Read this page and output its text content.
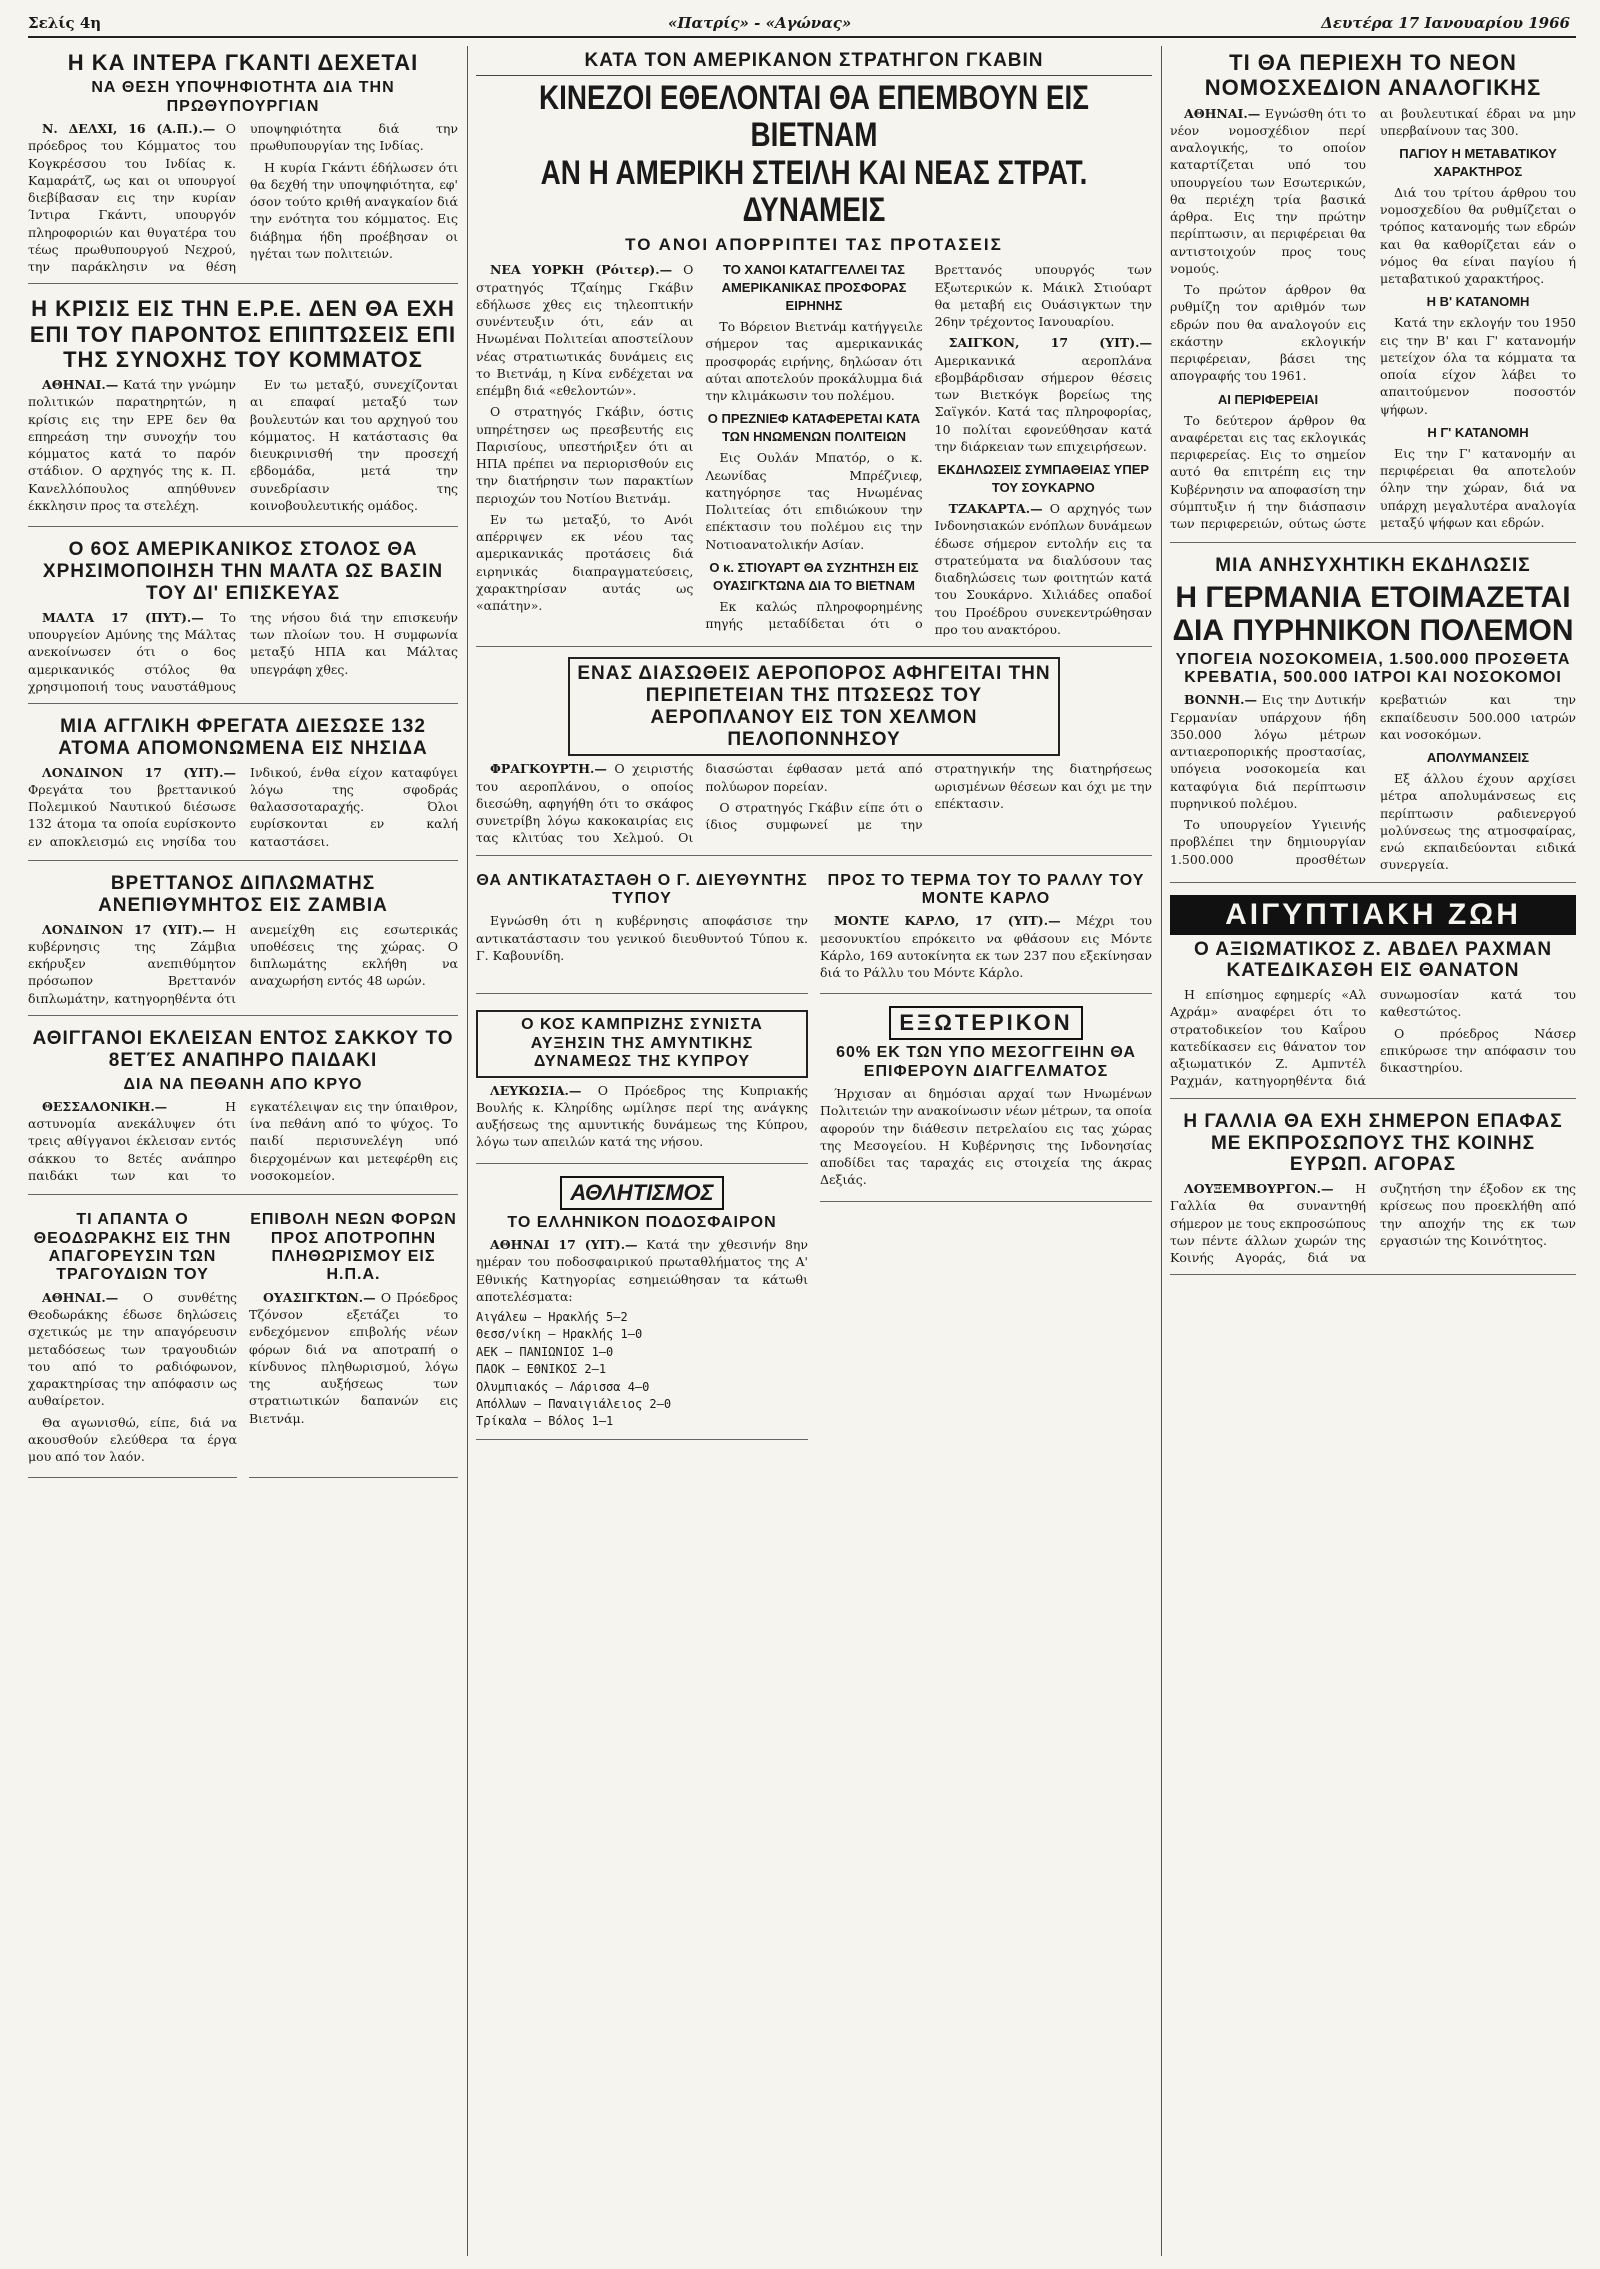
Σελίς 4η	«Πατρίς» - «Αγώνας»	Δευτέρα 17 Ιανουαρίου 1966
Η ΚΑ ΙΝΤΕΡΑ ΓΚΑΝΤΙ ΔΕΧΕΤΑΙ
ΝΑ ΘΕΣΗ ΥΠΟΨΗΦΙΟΤΗΤΑ ΔΙΑ ΤΗΝ ΠΡΩΘΥΠΟΥΡΓΙΑΝ

Ν. ΔΕΛΧΙ, 16 (Α.Π.).— Ο πρόεδρος του Κόμματος του Κογκρέσσου του Ινδίας κ. Καμαράτζ, ως και οι υπουργοί διεβίβασαν εις την κυρίαν Ίντιρα Γκάντι, υπουργόν πληροφοριών και θυγατέρα του τέως πρωθυπουργού Νεχρού, την παράκλησιν να θέση υποψηφιότητα διά την πρωθυπουργίαν της Ινδίας.

Η κυρία Γκάντι έδήλωσεν ότι θα δεχθή την υποψηφιότητα, εφ' όσον τούτο κριθή αναγκαίον διά την ενότητα του κόμματος. Εις διάβημα ήδη προέβησαν οι ηγέται των πολιτειών.

Η ΚΡΙΣΙΣ ΕΙΣ ΤΗΝ Ε.Ρ.Ε. ΔΕΝ ΘΑ ΕΧΗ ΕΠΙ ΤΟΥ ΠΑΡΟΝΤΟΣ ΕΠΙΠΤΩΣΕΙΣ ΕΠΙ ΤΗΣ ΣΥΝΟΧΗΣ ΤΟΥ ΚΟΜΜΑΤΟΣ

ΑΘΗΝΑΙ.— Κατά την γνώμην πολιτικών παρατηρητών, η κρίσις εις την ΕΡΕ δεν θα επηρεάση την συνοχήν του κόμματος κατά το παρόν στάδιον. Ο αρχηγός της κ. Π. Κανελλόπουλος απηύθυνεν έκκλησιν προς τα στελέχη.

Εν τω μεταξύ, συνεχίζονται αι επαφαί μεταξύ των βουλευτών και του αρχηγού του κόμματος. Η κατάστασις θα διευκρινισθή την προσεχή εβδομάδα, μετά την συνεδρίασιν της κοινοβουλευτικής ομάδος.

Ο 6ΟΣ ΑΜΕΡΙΚΑΝΙΚΟΣ ΣΤΟΛΟΣ ΘΑ ΧΡΗΣΙΜΟΠΟΙΗΣΗ ΤΗΝ ΜΑΛΤΑ ΩΣ ΒΑΣΙΝ ΤΟΥ ΔΙ' ΕΠΙΣΚΕΥΑΣ

ΜΑΛΤΑ 17 (ΠΥΤ).— Το υπουργείον Αμύνης της Μάλτας ανεκοίνωσεν ότι ο 6ος αμερικανικός στόλος θα χρησιμοποιή τους ναυστάθμους της νήσου διά την επισκευήν των πλοίων του. Η συμφωνία μεταξύ ΗΠΑ και Μάλτας υπεγράφη χθες.

ΜΙΑ ΑΓΓΛΙΚΗ ΦΡΕΓΑΤΑ ΔΙΕΣΩΣΕ 132 ΑΤΟΜΑ ΑΠΟΜΟΝΩΜΕΝΑ ΕΙΣ ΝΗΣΙΔΑ

ΛΟΝΔΙΝΟΝ 17 (ΥΙΤ).— Φρεγάτα του βρεττανικού Πολεμικού Ναυτικού διέσωσε 132 άτομα τα οποία ευρίσκοντο εν αποκλεισμώ εις νησίδα του Ινδικού, ένθα είχον καταφύγει λόγω της σφοδράς θαλασσοταραχής. Όλοι ευρίσκονται εν καλή καταστάσει.

ΒΡΕΤΤΑΝΟΣ ΔΙΠΛΩΜΑΤΗΣ ΑΝΕΠΙΘΥΜΗΤΟΣ ΕΙΣ ΖΑΜΒΙΑ

ΛΟΝΔΙΝΟΝ 17 (ΥΙΤ).— Η κυβέρνησις της Ζάμβια εκήρυξεν ανεπιθύμητον πρόσωπον Βρεττανόν διπλωμάτην, κατηγορηθέντα ότι ανεμείχθη εις εσωτερικάς υποθέσεις της χώρας. Ο διπλωμάτης εκλήθη να αναχωρήση εντός 48 ωρών.

ΑΘΙΓΓΑΝΟΙ ΕΚΛΕΙΣΑΝ ΕΝΤΟΣ ΣΑΚΚΟΥ ΤΟ 8ΕΤΈΣ ΑΝΑΠΗΡΟ ΠΑΙΔΑΚΙ
ΔΙΑ ΝΑ ΠΕΘΑΝΗ ΑΠΟ ΚΡΥΟ

ΘΕΣΣΑΛΟΝΙΚΗ.—	Η αστυνομία ανεκάλυψεν ότι τρεις αθίγγανοι έκλεισαν εντός σάκκου το 8ετές ανάπηρο παιδάκι των και το εγκατέλειψαν εις την ύπαιθρον, ίνα πεθάνη από το ψύχος. Το παιδί περισυνελέγη υπό διερχομένων και μετεφέρθη εις νοσοκομείον.

ΤΙ ΑΠΑΝΤΑ Ο ΘΕΟΔΩΡΑΚΗΣ ΕΙΣ ΤΗΝ ΑΠΑΓΟΡΕΥΣΙΝ ΤΩΝ ΤΡΑΓΟΥΔΙΩΝ ΤΟΥ

ΑΘΗΝΑΙ.— Ο συνθέτης Θεοδωράκης έδωσε δηλώσεις σχετικώς με την απαγόρευσιν μεταδόσεως των τραγουδιών του από το ραδιόφωνον, χαρακτηρίσας την απόφασιν ως αυθαίρετον.

Θα αγωνισθώ, είπε, διά να ακουσθούν ελεύθερα τα έργα μου από τον λαόν.

ΕΠΙΒΟΛΗ ΝΕΩΝ ΦΟΡΩΝ ΠΡΟΣ ΑΠΟΤΡΟΠΗΝ ΠΛΗΘΩΡΙΣΜΟΥ ΕΙΣ Η.Π.Α.

ΟΥΑΣΙΓΚΤΩΝ.— Ο Πρόεδρος Τζόνσον εξετάζει το ενδεχόμενον επιβολής νέων φόρων διά να αποτραπή ο κίνδυνος πληθωρισμού, λόγω της αυξήσεως των στρατιωτικών δαπανών εις Βιετνάμ.

ΚΑΤΑ ΤΟΝ ΑΜΕΡΙΚΑΝΟΝ ΣΤΡΑΤΗΓΟΝ ΓΚΑΒΙΝ
ΚΙΝΕΖΟΙ ΕΘΕΛΟΝΤΑΙ ΘΑ ΕΠΕΜΒΟΥΝ ΕΙΣ ΒΙΕΤΝΑΜ
ΑΝ Η ΑΜΕΡΙΚΗ ΣΤΕΙΛΗ ΚΑΙ ΝΕΑΣ ΣΤΡΑΤ. ΔΥΝΑΜΕΙΣ
ΤΟ ΑΝΟΙ ΑΠΟΡΡΙΠΤΕΙ ΤΑΣ ΠΡΟΤΑΣΕΙΣ

ΝΕΑ ΥΟΡΚΗ (Ρόιτερ).— Ο στρατηγός Τζαίημς Γκάβιν εδήλωσε χθες εις τηλεοπτικήν συνέντευξιν ότι, εάν αι Ηνωμέναι Πολιτείαι αποστείλουν νέας στρατιωτικάς δυνάμεις εις το Βιετνάμ, η Κίνα ενδέχεται να επέμβη διά «εθελοντών».

Ο στρατηγός Γκάβιν, όστις υπηρέτησεν ως πρεσβευτής εις Παρισίους, υπεστήριξεν ότι αι ΗΠΑ πρέπει να περιορισθούν εις την διατήρησιν των παρακτίων περιοχών του Νοτίου Βιετνάμ.

Εν τω μεταξύ, το Ανόι απέρριψεν εκ νέου τας αμερικανικάς προτάσεις διά ειρηνικάς διαπραγματεύσεις, χαρακτηρίσαν αυτάς ως «απάτην».

ΤΟ ΧΑΝΟΙ ΚΑΤΑΓΓΕΛΛΕΙ ΤΑΣ ΑΜΕΡΙΚΑΝΙΚΑΣ ΠΡΟΣΦΟΡΑΣ ΕΙΡΗΝΗΣ

Το Βόρειον Βιετνάμ κατήγγειλε σήμερον τας αμερικανικάς προσφοράς ειρήνης, δηλώσαν ότι αύται αποτελούν προκάλυμμα διά την κλιμάκωσιν του πολέμου.

Ο ΠΡΕΖΝΙΕΦ ΚΑΤΑΦΕΡΕΤΑΙ ΚΑΤΑ ΤΩΝ ΗΝΩΜΕΝΩΝ ΠΟΛΙΤΕΙΩΝ

Εις Ουλάν Μπατόρ, ο κ. Λεωνίδας Μπρέζνιεφ, κατηγόρησε τας Ηνωμένας Πολιτείας ότι επιδιώκουν την επέκτασιν του πολέμου εις την Νοτιοανατολικήν Ασίαν.

Ο κ. ΣΤΙΟΥΑΡΤ ΘΑ ΣΥΖΗΤΗΣΗ ΕΙΣ ΟΥΑΣΙΓΚΤΩΝΑ ΔΙΑ ΤΟ ΒΙΕΤΝΑΜ

Εκ καλώς πληροφορημένης πηγής μεταδίδεται ότι ο Βρεττανός υπουργός των Εξωτερικών κ. Μάικλ Στιούαρτ θα μεταβή εις Ουάσιγκτων την 26ην τρέχοντος Ιανουαρίου.

ΣΑΙΓΚΟΝ, 17 (ΥΙΤ).— Αμερικανικά αεροπλάνα εβομβάρδισαν σήμερον θέσεις των Βιετκόγκ βορείως της Σαϊγκόν. Κατά τας πληροφορίας, 10 πολίται εφονεύθησαν κατά την διάρκειαν των επιχειρήσεων.

ΕΚΔΗΛΩΣΕΙΣ ΣΥΜΠΑΘΕΙΑΣ ΥΠΕΡ ΤΟΥ ΣΟΥΚΑΡΝΟ

ΤΖΑΚΑΡΤΑ.— Ο αρχηγός των Ινδονησιακών ενόπλων δυνάμεων έδωσε σήμερον εντολήν εις τα στρατεύματα να διαλύσουν τας διαδηλώσεις των φοιτητών κατά του Σουκάρνο. Χιλιάδες οπαδοί του Προέδρου συνεκεντρώθησαν προ του ανακτόρου.

ΕΝΑΣ ΔΙΑΣΩΘΕΙΣ ΑΕΡΟΠΟΡΟΣ ΑΦΗΓΕΙΤΑΙ ΤΗΝ ΠΕΡΙΠΕΤΕΙΑΝ ΤΗΣ ΠΤΩΣΕΩΣ ΤΟΥ ΑΕΡΟΠΛΑΝΟΥ ΕΙΣ ΤΟΝ ΧΕΛΜΟΝ ΠΕΛΟΠΟΝΝΗΣΟΥ

ΦΡΑΓΚΟΥΡΤΗ.— Ο χειριστής του αεροπλάνου, ο οποίος διεσώθη, αφηγήθη ότι το σκάφος συνετρίβη λόγω κακοκαιρίας εις τας κλιτύας του Χελμού. Οι διασώσται έφθασαν μετά από πολύωρον πορείαν.

Ο στρατηγός Γκάβιν είπε ότι ο ίδιος συμφωνεί με την στρατηγικήν της διατηρήσεως ωρισμένων θέσεων και όχι με την επέκτασιν.

ΘΑ ΑΝΤΙΚΑΤΑΣΤΑΘΗ Ο Γ. ΔΙΕΥΘΥΝΤΗΣ ΤΥΠΟΥ

Εγνώσθη ότι η κυβέρνησις αποφάσισε την αντικατάστασιν του γενικού διευθυντού Τύπου κ. Γ. Καβουνίδη.

ΠΡΟΣ ΤΟ ΤΕΡΜΑ ΤΟΥ ΤΟ ΡΑΛΛΥ ΤΟΥ ΜΟΝΤΕ ΚΑΡΛΟ

ΜΟΝΤΕ ΚΑΡΛΟ, 17 (ΥΙΤ).— Μέχρι του μεσονυκτίου επρόκειτο να φθάσουν εις Μόντε Κάρλο, 169 αυτοκίνητα εκ των 237 που εξεκίνησαν διά το Ράλλυ του Μόντε Κάρλο.

Ο ΚΟΣ ΚΑΜΠΡΙΖΗΣ ΣΥΝΙΣΤΑ ΑΥΞΗΣΙΝ ΤΗΣ ΑΜΥΝΤΙΚΗΣ ΔΥΝΑΜΕΩΣ ΤΗΣ ΚΥΠΡΟΥ

ΛΕΥΚΩΣΙΑ.— Ο Πρόεδρος της Κυπριακής Βουλής κ. Κληρίδης ωμίλησε περί της ανάγκης αυξήσεως της αμυντικής δυνάμεως της Κύπρου, λόγω των απειλών κατά της νήσου.

ΑΘΛΗΤΙΣΜΟΣ
ΤΟ ΕΛΛΗΝΙΚΟΝ ΠΟΔΟΣΦΑΙΡΟΝ

ΑΘΗΝΑΙ 17 (ΥΙΤ).— Κατά την χθεσινήν 8ην ημέραν του ποδοσφαιρικού πρωταθλήματος της Α' Εθνικής Κατηγορίας εσημειώθησαν τα κάτωθι αποτελέσματα:

Αιγάλεω — Ηρακλής 5—2
Θεσσ/νίκη — Ηρακλής 1—0
ΑΕΚ — ΠΑΝΙΩΝΙΟΣ 1—0
ΠΑΟΚ — ΕΘΝΙΚΟΣ 2—1
Ολυμπιακός — Λάρισσα 4—0
Απόλλων — Παναιγιάλειος 2—0
Τρίκαλα — Βόλος 1—1
ΕΞΩΤΕΡΙΚΟΝ
60% ΕΚ ΤΩΝ ΥΠΟ ΜΕΣΟΓΓΕΙΗΝ ΘΑ ΕΠΙΦΕΡΟΥΝ ΔΙΑΓΓΕΛΜΑΤΟΣ

Ήρχισαν αι δημόσιαι αρχαί των Ηνωμένων Πολιτειών την ανακοίνωσιν νέων μέτρων, τα οποία αφορούν την διάθεσιν πετρελαίου εις τας χώρας της Μεσογείου. Η Κυβέρνησις της Ινδονησίας αποδίδει τας ταραχάς εις στοιχεία της άκρας Δεξιάς.

ΤΙ ΘΑ ΠΕΡΙΕΧΗ ΤΟ ΝΕΟΝ ΝΟΜΟΣΧΕΔΙΟΝ ΑΝΑΛΟΓΙΚΗΣ

ΑΘΗΝΑΙ.— Εγνώσθη ότι το νέον νομοσχέδιον περί αναλογικής, το οποίον καταρτίζεται υπό του υπουργείου των Εσωτερικών, θα περιέχη τρία βασικά άρθρα. Εις την πρώτην περίπτωσιν, αι περιφέρειαι θα αντιστοιχούν προς τους νομούς.

Το πρώτον άρθρον θα ρυθμίζη τον αριθμόν των εδρών που θα αναλογούν εις εκάστην εκλογικήν περιφέρειαν, βάσει της απογραφής του 1961.

ΑΙ ΠΕΡΙΦΕΡΕΙΑΙ

Το δεύτερον άρθρον θα αναφέρεται εις τας εκλογικάς περιφερείας. Εις το σημείον αυτό θα επιτρέπη εις την Κυβέρνησιν να αποφασίση την σύμπτυξιν ή την διάσπασιν των περιφερειών, ούτως ώστε αι βουλευτικαί έδραι να μην υπερβαίνουν τας 300.

ΠΑΓΙΟΥ Η ΜΕΤΑΒΑΤΙΚΟΥ ΧΑΡΑΚΤΗΡΟΣ

Διά του τρίτου άρθρου του νομοσχεδίου θα ρυθμίζεται ο τρόπος κατανομής των εδρών και θα καθορίζεται εάν ο νόμος θα είναι παγίου ή μεταβατικού χαρακτήρος.

Η Β' ΚΑΤΑΝΟΜΗ

Κατά την εκλογήν του 1950 εις την Β' και Γ' κατανομήν μετείχον όλα τα κόμματα τα οποία είχον λάβει το απαιτούμενον ποσοστόν ψήφων.

Η Γ' ΚΑΤΑΝΟΜΗ

Εις την Γ' κατανομήν αι περιφέρειαι θα αποτελούν όλην την χώραν, διά να υπάρχη μεγαλυτέρα αναλογία μεταξύ ψήφων και εδρών.

ΜΙΑ ΑΝΗΣΥΧΗΤΙΚΗ ΕΚΔΗΛΩΣΙΣ
Η ΓΕΡΜΑΝΙΑ ΕΤΟΙΜΑΖΕΤΑΙ ΔΙΑ ΠΥΡΗΝΙΚΟΝ ΠΟΛΕΜΟΝ
ΥΠΟΓΕΙΑ ΝΟΣΟΚΟΜΕΙΑ, 1.500.000 ΠΡΟΣΘΕΤΑ ΚΡΕΒΑΤΙΑ, 500.000 ΙΑΤΡΟΙ ΚΑΙ ΝΟΣΟΚΟΜΟΙ

ΒΟΝΝΗ.— Εις την Δυτικήν Γερμανίαν υπάρχουν ήδη 350.000 λόγω μέτρων αντιαεροπορικής προστασίας, υπόγεια νοσοκομεία και καταφύγια διά περίπτωσιν πυρηνικού πολέμου.

Το υπουργείον Υγιεινής προβλέπει την δημιουργίαν 1.500.000 προσθέτων κρεβατιών και την εκπαίδευσιν 500.000 ιατρών και νοσοκόμων.

ΑΠΟΛΥΜΑΝΣΕΙΣ

Εξ άλλου έχουν αρχίσει μέτρα απολυμάνσεως εις περίπτωσιν ραδιενεργού μολύνσεως της ατμοσφαίρας, ενώ εκπαιδεύονται ειδικά συνεργεία.

ΑΙΓΥΠΤΙΑΚΗ ΖΩΗ
Ο ΑΞΙΩΜΑΤΙΚΟΣ Ζ. ΑΒΔΕΛ ΡΑΧΜΑΝ ΚΑΤΕΔΙΚΑΣΘΗ ΕΙΣ ΘΑΝΑΤΟΝ

Η επίσημος εφημερίς «Αλ Αχράμ» αναφέρει ότι το στρατοδικείον του Καΐρου κατεδίκασεν εις θάνατον τον αξιωματικόν Ζ. Αμπντέλ Ραχμάν, κατηγορηθέντα διά συνωμοσίαν κατά του καθεστώτος.

Ο πρόεδρος Νάσερ επικύρωσε την απόφασιν του δικαστηρίου.

Η ΓΑΛΛΙΑ ΘΑ ΕΧΗ ΣΗΜΕΡΟΝ ΕΠΑΦΑΣ ΜΕ ΕΚΠΡΟΣΩΠΟΥΣ ΤΗΣ ΚΟΙΝΗΣ ΕΥΡΩΠ. ΑΓΟΡΑΣ

ΛΟΥΞΕΜΒΟΥΡΓΟΝ.— Η Γαλλία θα συναντηθή σήμερον με τους εκπροσώπους των πέντε άλλων χωρών της Κοινής Αγοράς, διά να συζητήση την έξοδον εκ της κρίσεως που προεκλήθη από την αποχήν της εκ των εργασιών της Κοινότητος.
